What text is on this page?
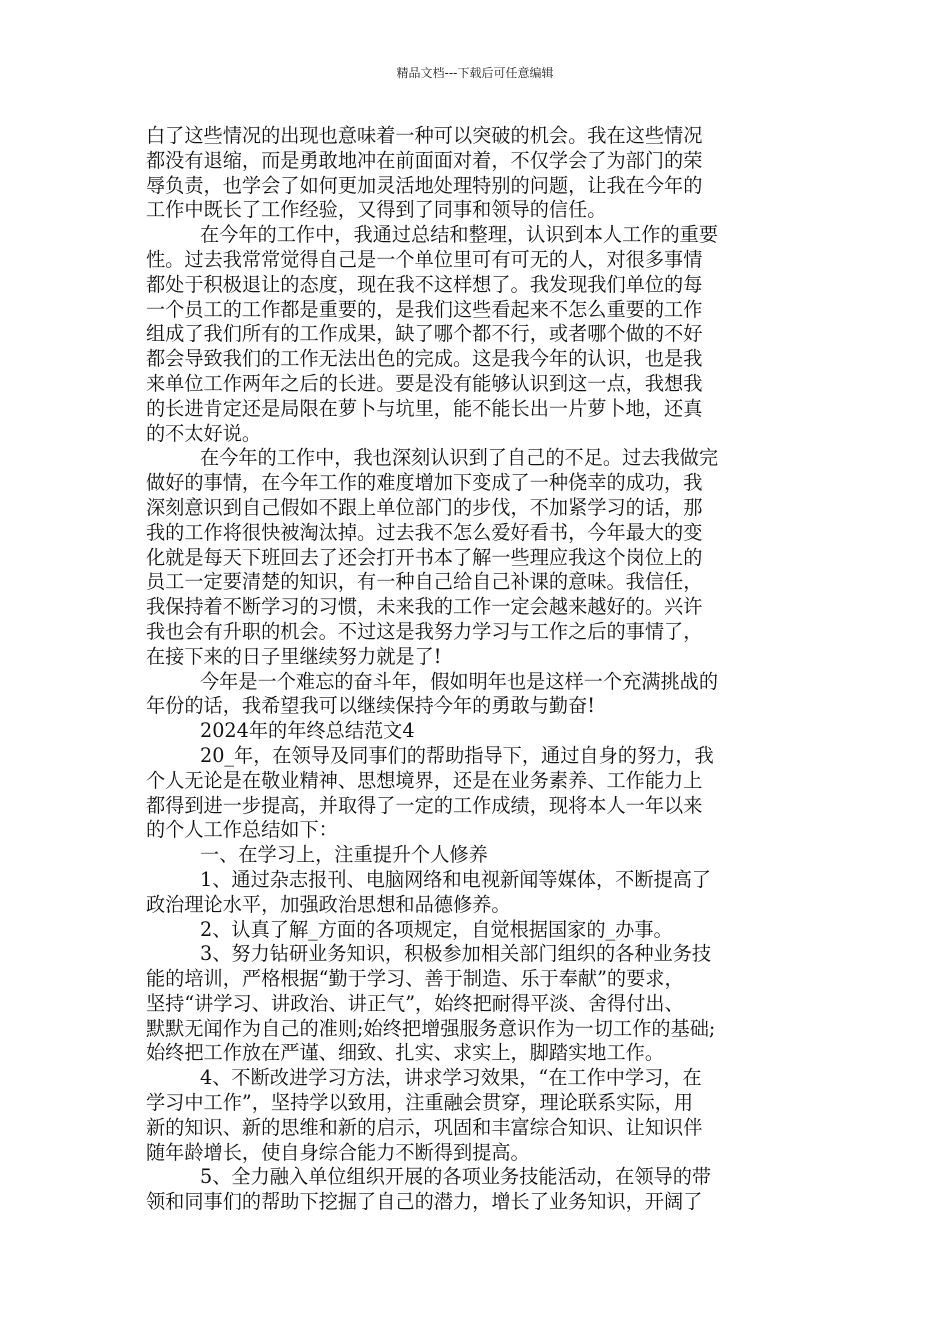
精品文档---下载后可任意编辑
白了这些情况的出现也意味着一种可以突破的机会。我在这些情况
都没有退缩，而是勇敢地冲在前面面对着，不仅学会了为部门的荣
辱负责，也学会了如何更加灵活地处理特别的问题，让我在今年的
工作中既长了工作经验，又得到了同事和领导的信任。
在今年的工作中，我通过总结和整理，认识到本人工作的重要
性。过去我常常觉得自己是一个单位里可有可无的人，对很多事情
都处于积极退让的态度，现在我不这样想了。我发现我们单位的每
一个员工的工作都是重要的，是我们这些看起来不怎么重要的工作
组成了我们所有的工作成果，缺了哪个都不行，或者哪个做的不好
都会导致我们的工作无法出色的完成。这是我今年的认识，也是我
来单位工作两年之后的长进。要是没有能够认识到这一点，我想我
的长进肯定还是局限在萝卜与坑里，能不能长出一片萝卜地，还真
的不太好说。
在今年的工作中，我也深刻认识到了自己的不足。过去我做完
做好的事情，在今年工作的难度增加下变成了一种侥幸的成功，我
深刻意识到自己假如不跟上单位部门的步伐，不加紧学习的话，那
我的工作将很快被淘汰掉。过去我不怎么爱好看书，今年最大的变
化就是每天下班回去了还会打开书本了解一些理应我这个岗位上的
员工一定要清楚的知识，有一种自己给自己补课的意味。我信任，
我保持着不断学习的习惯，未来我的工作一定会越来越好的。兴许
我也会有升职的机会。不过这是我努力学习与工作之后的事情了，
在接下来的日子里继续努力就是了!
今年是一个难忘的奋斗年，假如明年也是这样一个充满挑战的
年份的话，我希望我可以继续保持今年的勇敢与勤奋!
2024年的年终总结范文4
20_年，在领导及同事们的帮助指导下，通过自身的努力，我
个人无论是在敬业精神、思想境界，还是在业务素养、工作能力上
都得到进一步提高，并取得了一定的工作成绩，现将本人一年以来
的个人工作总结如下：
一、在学习上，注重提升个人修养
1、通过杂志报刊、电脑网络和电视新闻等媒体，不断提高了
政治理论水平，加强政治思想和品德修养。
2、认真了解_方面的各项规定，自觉根据国家的_办事。
3、努力钻研业务知识，积极参加相关部门组织的各种业务技
能的培训，严格根据“勤于学习、善于制造、乐于奉献”的要求，
坚持“讲学习、讲政治、讲正气”，始终把耐得平淡、舍得付出、
默默无闻作为自己的准则;始终把增强服务意识作为一切工作的基础;
始终把工作放在严谨、细致、扎实、求实上，脚踏实地工作。
4、不断改进学习方法，讲求学习效果，“在工作中学习，在
学习中工作”，坚持学以致用，注重融会贯穿，理论联系实际，用
新的知识、新的思维和新的启示，巩固和丰富综合知识、让知识伴
随年龄增长，使自身综合能力不断得到提高。
5、全力融入单位组织开展的各项业务技能活动，在领导的带
领和同事们的帮助下挖掘了自己的潜力，增长了业务知识，开阔了
